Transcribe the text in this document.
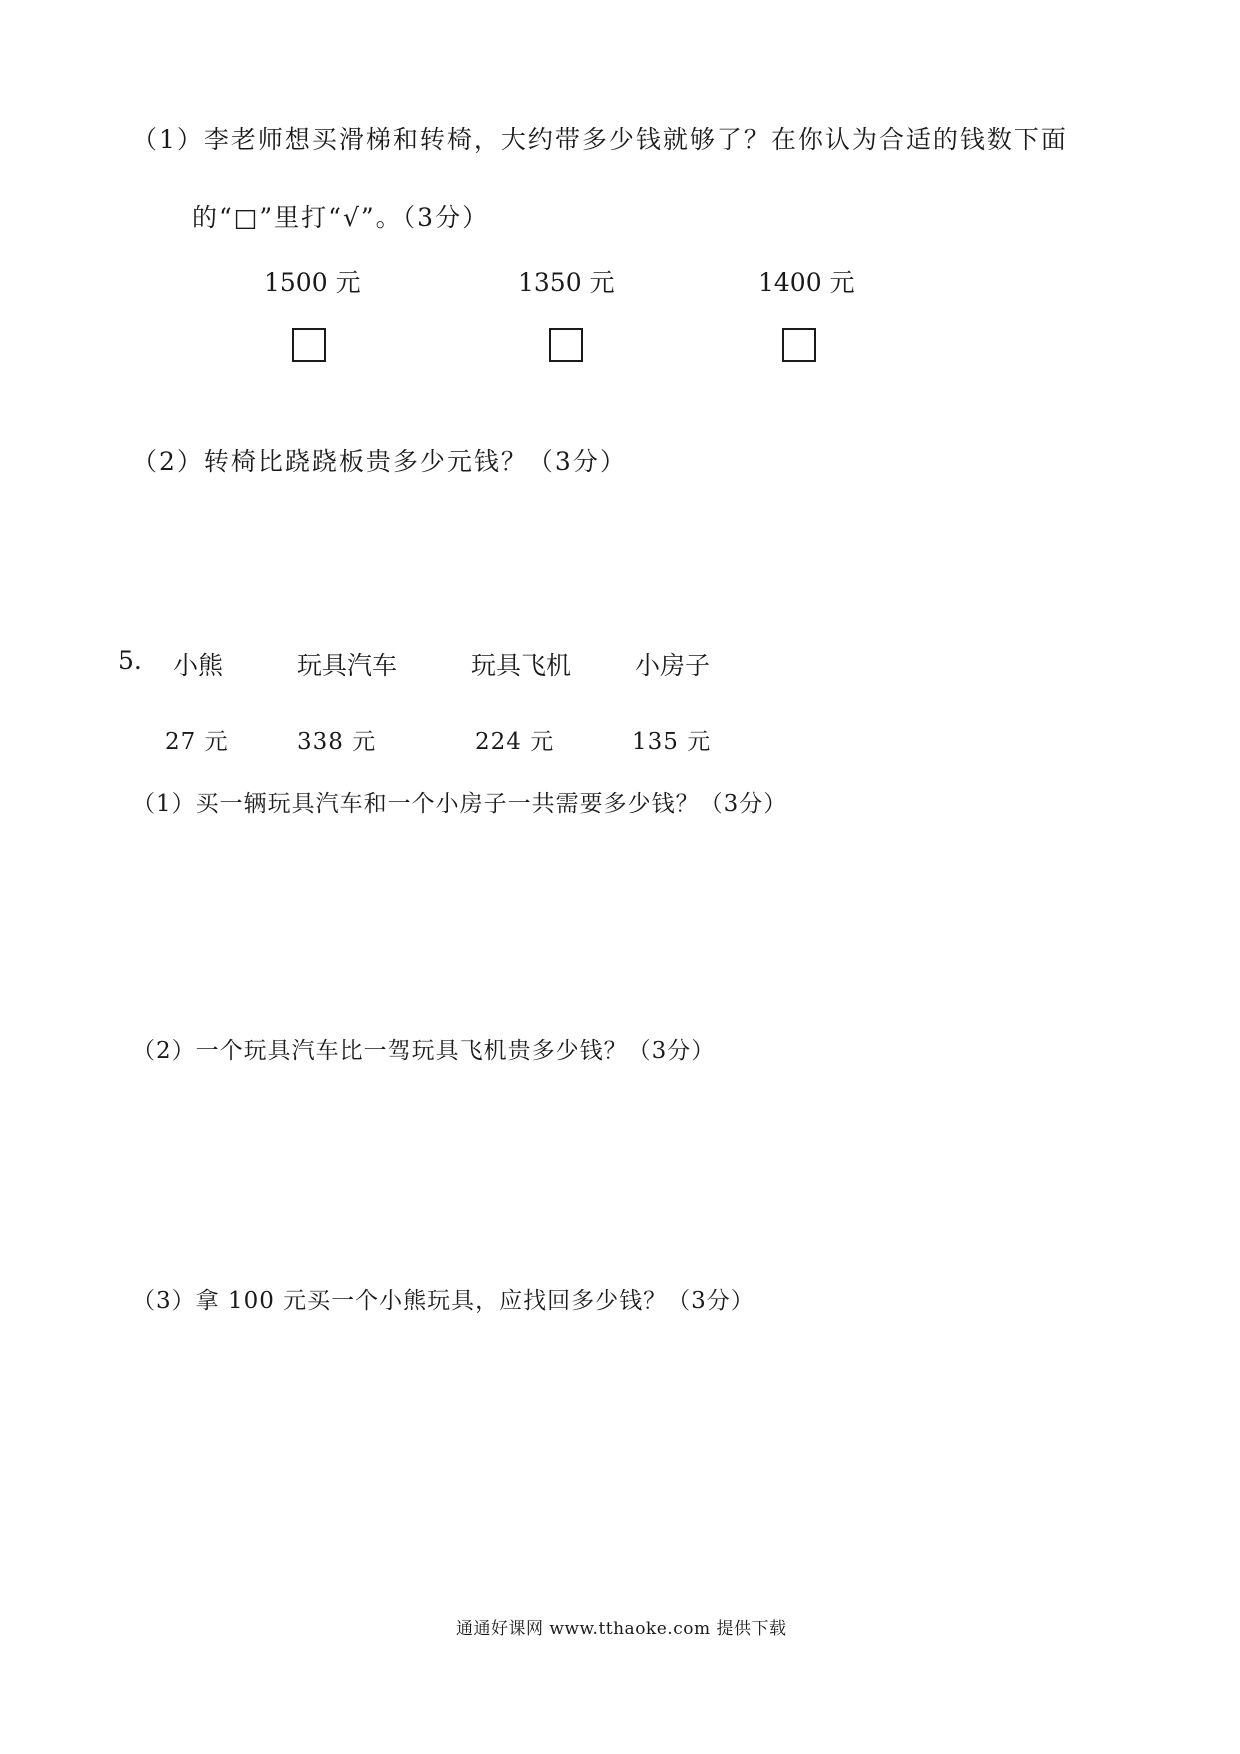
（1）李老师想买滑梯和转椅，大约带多少钱就够了？在你认为合适的钱数下面
的“□”里打“√”。（3分）
1500 元	1350 元	1400 元
（2）转椅比跷跷板贵多少元钱？（3分）
5. 小熊	玩具汽车	玩具飞机	小房子
27 元	338 元	224 元	135 元
（1）买一辆玩具汽车和一个小房子一共需要多少钱？（3分）
（2）一个玩具汽车比一驾玩具飞机贵多少钱？（3分）
（3）拿 100 元买一个小熊玩具，应找回多少钱？（3分）
通通好课网 www.tthaoke.com 提供下载
